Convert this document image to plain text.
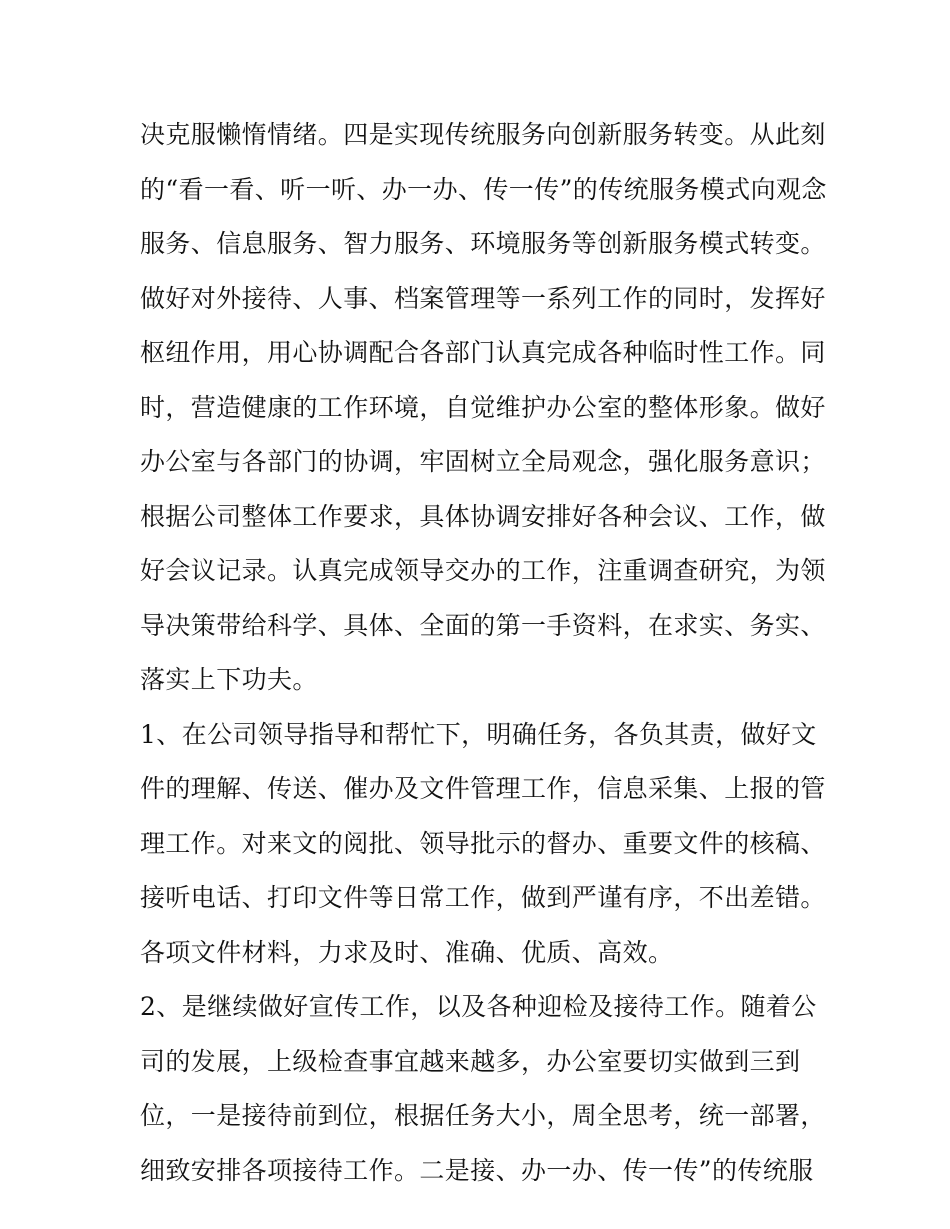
决克服懒惰情绪。四是实现传统服务向创新服务转变。从此刻
的“看一看、听一听、办一办、传一传”的传统服务模式向观念
服务、信息服务、智力服务、环境服务等创新服务模式转变。
做好对外接待、人事、档案管理等一系列工作的同时，发挥好
枢纽作用，用心协调配合各部门认真完成各种临时性工作。同
时，营造健康的工作环境，自觉维护办公室的整体形象。做好
办公室与各部门的协调，牢固树立全局观念，强化服务意识；
根据公司整体工作要求，具体协调安排好各种会议、工作，做
好会议记录。认真完成领导交办的工作，注重调查研究，为领
导决策带给科学、具体、全面的第一手资料，在求实、务实、
落实上下功夫。
1、在公司领导指导和帮忙下，明确任务，各负其责，做好文
件的理解、传送、催办及文件管理工作，信息采集、上报的管
理工作。对来文的阅批、领导批示的督办、重要文件的核稿、
接听电话、打印文件等日常工作，做到严谨有序，不出差错。
各项文件材料，力求及时、准确、优质、高效。
2、是继续做好宣传工作，以及各种迎检及接待工作。随着公
司的发展，上级检查事宜越来越多，办公室要切实做到三到
位，一是接待前到位，根据任务大小，周全思考，统一部署，
细致安排各项接待工作。二是接、办一办、传一传”的传统服
